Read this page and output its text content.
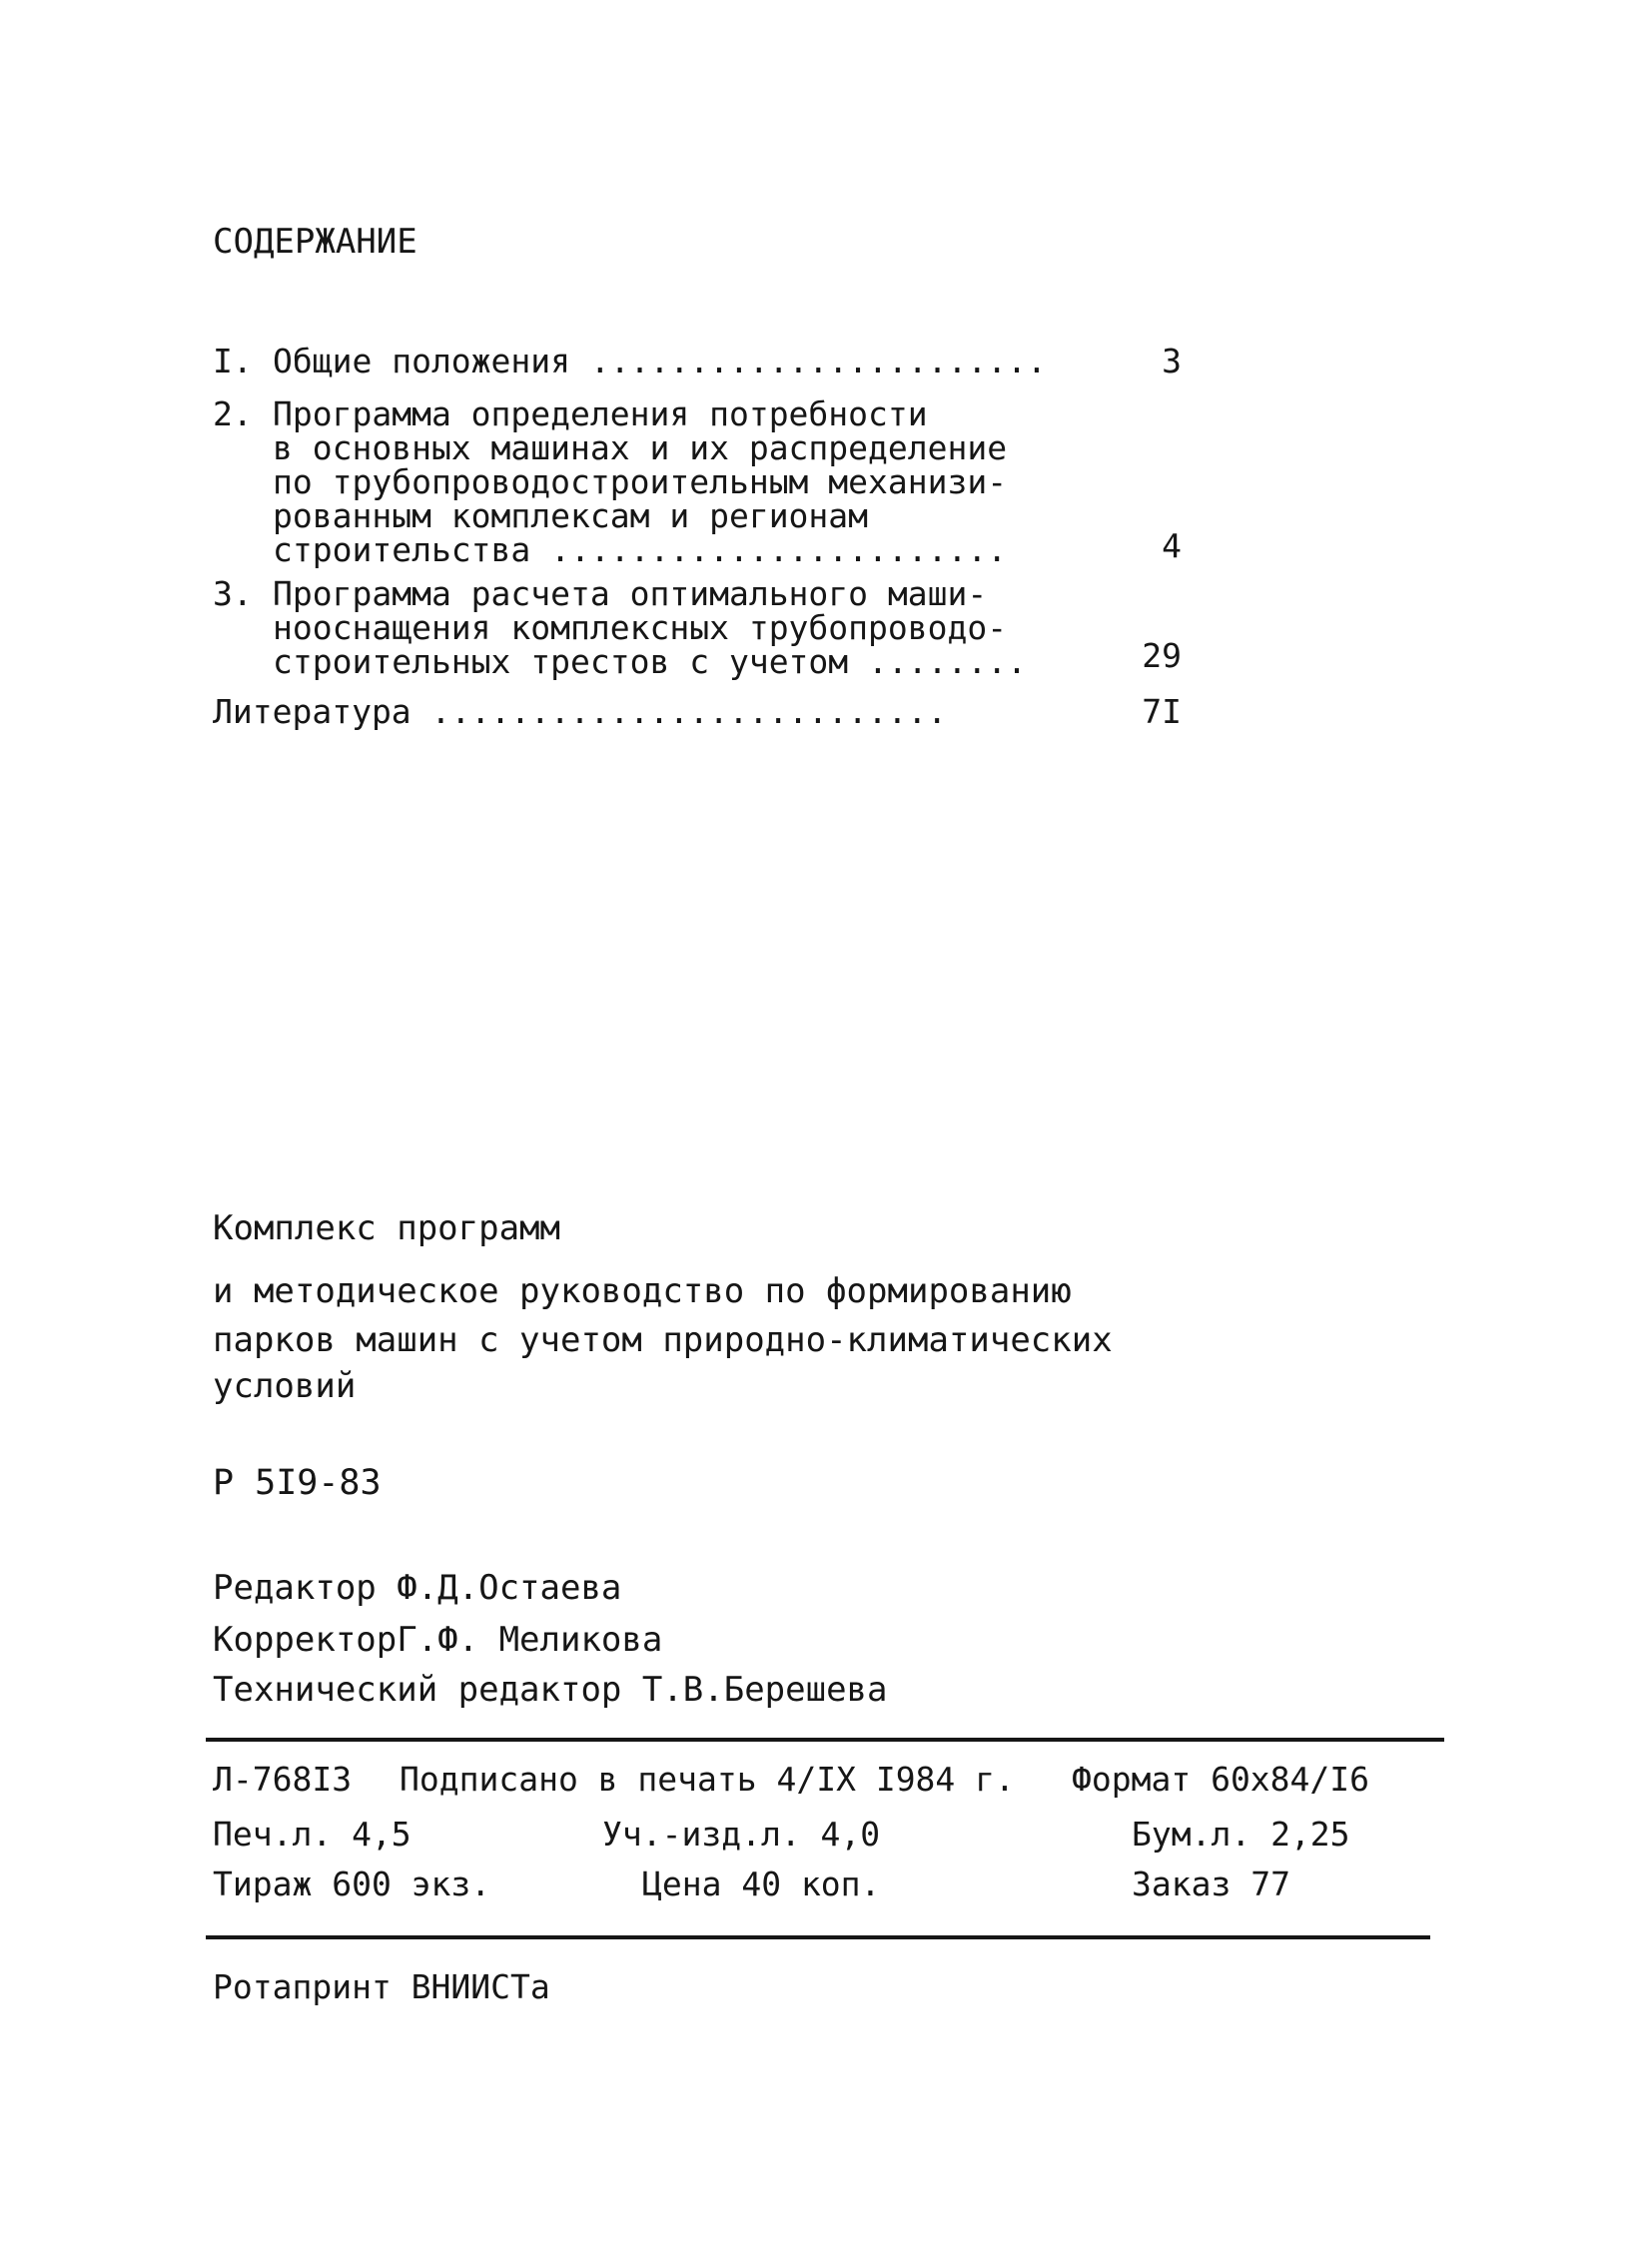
СОДЕРЖАНИЕ
I. Общие положения .......................	3
2. Программа определения потребности
в основных машинах и их распределение
по трубопроводостроительным механизи-
рованным комплексам и регионам
строительства .......................	4
3. Программа расчета оптимального маши-
нооснащения комплексных трубопроводо-
строительных трестов с учетом ........	29
Литература ..........................	7I
Комплекс программ
и методическое руководство по формированию
парков машин с учетом природно-климатических
условий
Р 5I9-83
Редактор Ф.Д.Остаева
КорректорГ.Ф. Меликова
Технический редактор Т.В.Берешева
Л-768I3 Подписано в печать 4/IX I984 г. Формат 60х84/I6
Печ.л. 4,5	Уч.-изд.л. 4,0	Бум.л. 2,25
Тираж 600 экз.	Цена 40 коп.	Заказ 77
Ротапринт ВНИИСТа
